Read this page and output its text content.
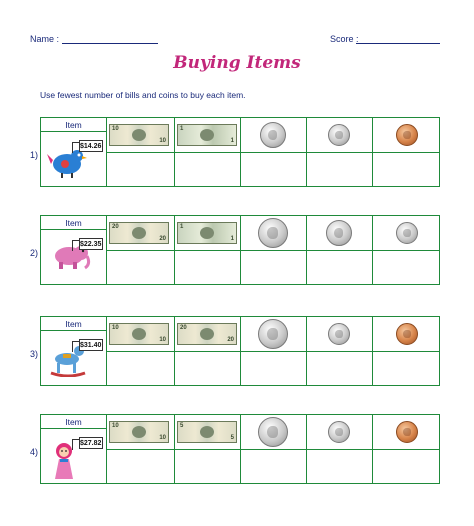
Name :	Score :
Buying Items
Use fewest number of bills and coins to buy each item.
1)
Item
$14.26
10
10
1
1
2)
Item
$22.35
20
20
1
1
3)
Item
$31.40
10
10
20
20
4)
Item
$27.82
10
10
5
5
